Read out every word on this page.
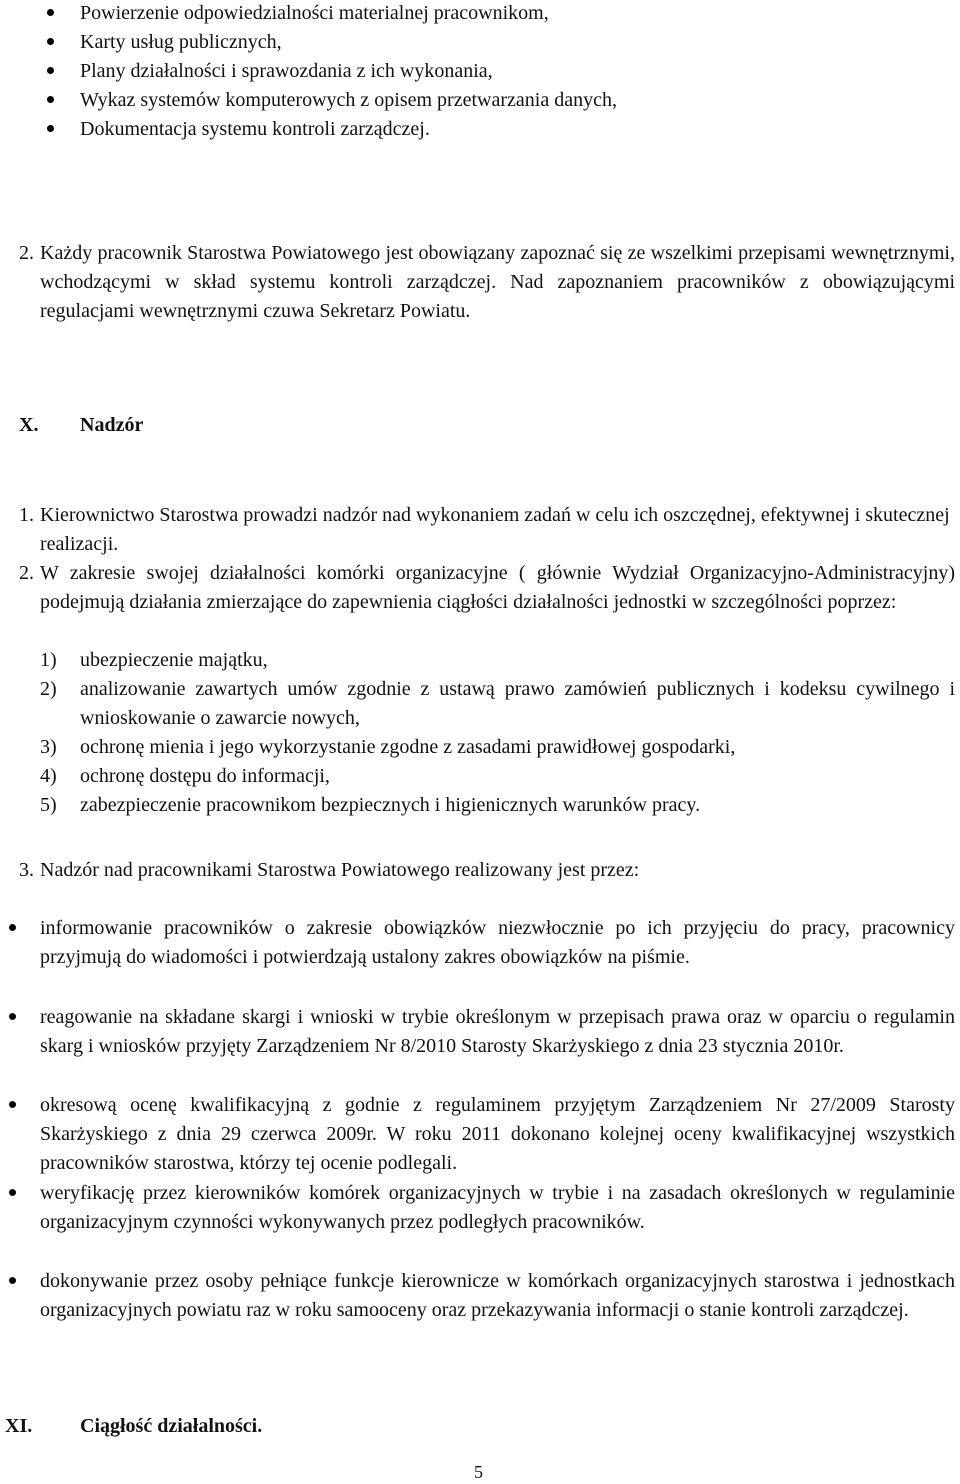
Powierzenie odpowiedzialności materialnej pracownikom,
Karty usług publicznych,
Plany działalności i sprawozdania z ich wykonania,
Wykaz systemów komputerowych z opisem przetwarzania danych,
Dokumentacja systemu kontroli zarządczej.
2. Każdy pracownik Starostwa Powiatowego jest obowiązany zapoznać się ze wszelkimi przepisami wewnętrznymi, wchodzącymi w skład systemu kontroli zarządczej. Nad zapoznaniem pracowników z obowiązującymi regulacjami wewnętrznymi czuwa Sekretarz Powiatu.
X. Nadzór
1. Kierownictwo Starostwa prowadzi nadzór nad wykonaniem zadań w celu ich oszczędnej, efektywnej i skutecznej realizacji.
2. W zakresie swojej działalności komórki organizacyjne ( głównie Wydział Organizacyjno-Administracyjny) podejmują działania zmierzające do zapewnienia ciągłości działalności jednostki w szczególności poprzez:
1) ubezpieczenie majątku,
2) analizowanie zawartych umów zgodnie z ustawą prawo zamówień publicznych i kodeksu cywilnego i wnioskowanie o zawarcie nowych,
3) ochronę mienia i jego wykorzystanie zgodne z zasadami prawidłowej gospodarki,
4) ochronę dostępu do informacji,
5) zabezpieczenie pracownikom bezpiecznych i higienicznych warunków pracy.
3. Nadzór nad pracownikami Starostwa Powiatowego realizowany jest przez:
informowanie pracowników o zakresie obowiązków niezwłocznie po ich przyjęciu do pracy, pracownicy przyjmują do wiadomości i potwierdzają ustalony zakres obowiązków na piśmie.
reagowanie na składane skargi i wnioski w trybie określonym w przepisach prawa oraz w oparciu o regulamin skarg i wniosków przyjęty Zarządzeniem Nr 8/2010 Starosty Skarżyskiego z dnia 23 stycznia 2010r.
okresową ocenę kwalifikacyjną z godnie z regulaminem przyjętym Zarządzeniem Nr 27/2009 Starosty Skarżyskiego z dnia 29 czerwca 2009r. W roku 2011 dokonano kolejnej oceny kwalifikacyjnej wszystkich pracowników starostwa, którzy tej ocenie podlegali.
weryfikację przez kierowników komórek organizacyjnych w trybie i na zasadach określonych w regulaminie organizacyjnym czynności wykonywanych przez podległych pracowników.
dokonywanie przez osoby pełniące funkcje kierownicze w komórkach organizacyjnych starostwa i jednostkach organizacyjnych powiatu raz w roku samooceny oraz przekazywania informacji o stanie kontroli zarządczej.
XI. Ciągłość działalności.
5
